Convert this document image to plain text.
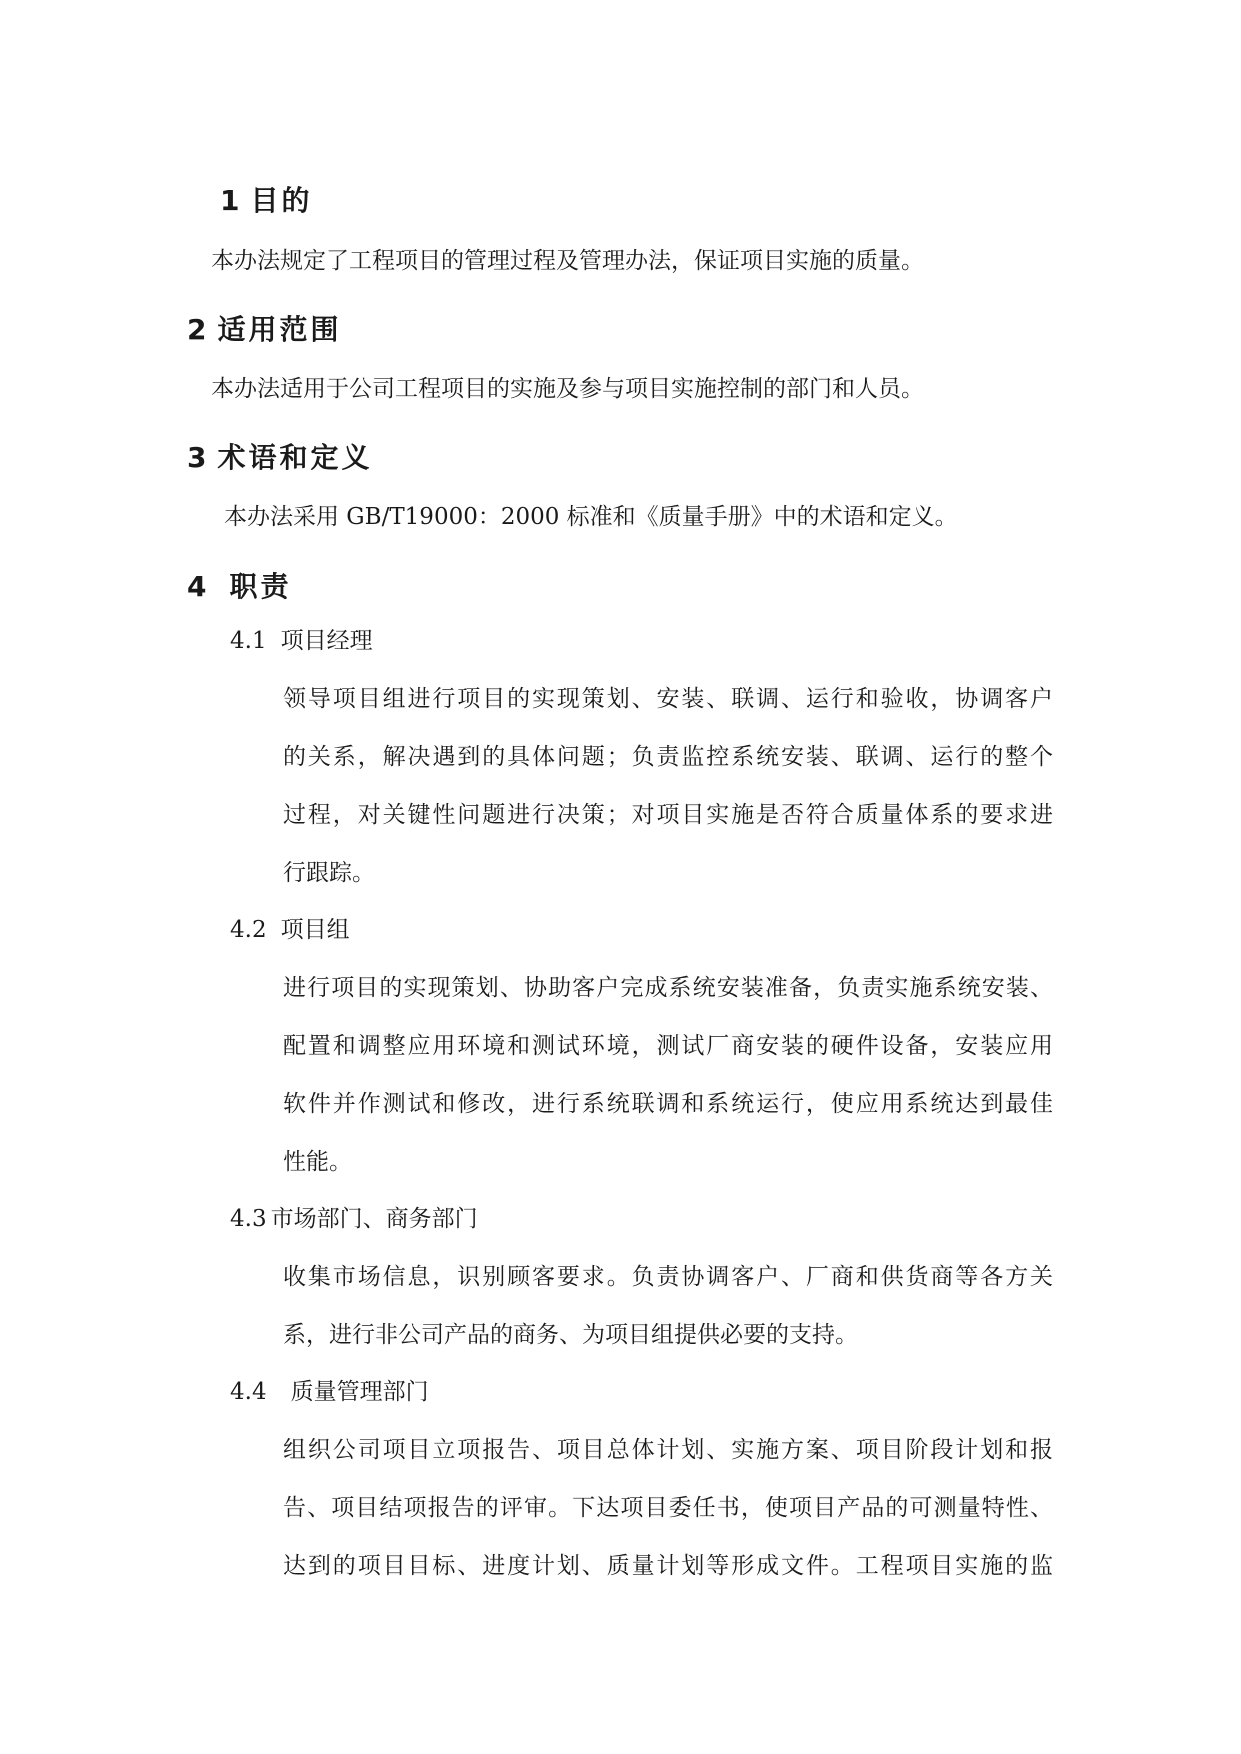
1 目的
本办法规定了工程项目的管理过程及管理办法，保证项目实施的质量。
2 适用范围
本办法适用于公司工程项目的实施及参与项目实施控制的部门和人员。
3 术语和定义
本办法采用 GB/T19000：2000 标准和《质量手册》中的术语和定义。
4 职责
4.1 项目经理
领导项目组进行项目的实现策划、安装、联调、运行和验收，协调客户
的关系，解决遇到的具体问题；负责监控系统安装、联调、运行的整个
过程，对关键性问题进行决策；对项目实施是否符合质量体系的要求进
行跟踪。
4.2 项目组
进行项目的实现策划、协助客户完成系统安装准备，负责实施系统安装、
配置和调整应用环境和测试环境，测试厂商安装的硬件设备，安装应用
软件并作测试和修改，进行系统联调和系统运行，使应用系统达到最佳
性能。
4.3 市场部门、商务部门
收集市场信息，识别顾客要求。负责协调客户、厂商和供货商等各方关
系，进行非公司产品的商务、为项目组提供必要的支持。
4.4 质量管理部门
组织公司项目立项报告、项目总体计划、实施方案、项目阶段计划和报
告、项目结项报告的评审。下达项目委任书，使项目产品的可测量特性、
达到的项目目标、进度计划、质量计划等形成文件。工程项目实施的监
